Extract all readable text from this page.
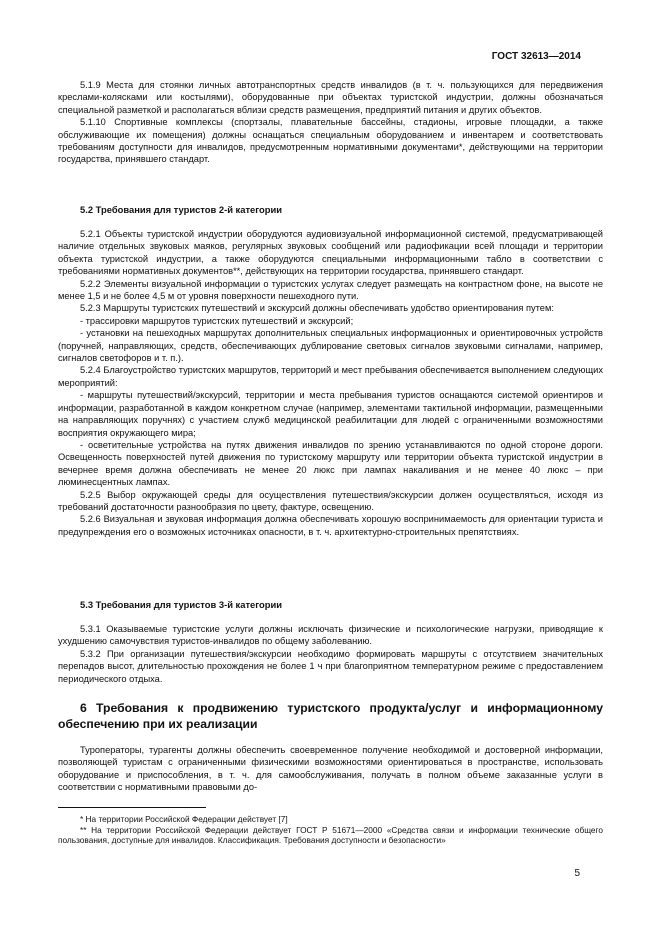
ГОСТ 32613—2014

5.1.9 Места для стоянки личных автотранспортных средств инвалидов (в т. ч. пользующихся для передвижения креслами-колясками или костылями), оборудованные при объектах туристской индустрии, должны обозначаться специальной разметкой и располагаться вблизи средств размещения, предприятий питания и других объектов.

5.1.10 Спортивные комплексы (спортзалы, плавательные бассейны, стадионы, игровые площадки, а также обслуживающие их помещения) должны оснащаться специальным оборудованием и инвентарем и соответствовать требованиям доступности для инвалидов, предусмотренным нормативными документами*, действующими на территории государства, принявшего стандарт.

5.2 Требования для туристов 2-й категории

5.2.1 Объекты туристской индустрии оборудуются аудиовизуальной информационной системой, предусматривающей наличие отдельных звуковых маяков, регулярных звуковых сообщений или радиофикации всей площади и территории объекта туристской индустрии, а также оборудуются специальными информационными табло в соответствии с требованиями нормативных документов**, действующих на территории государства, принявшего стандарт.

5.2.2 Элементы визуальной информации о туристских услугах следует размещать на контрастном фоне, на высоте не менее 1,5 и не более 4,5 м от уровня поверхности пешеходного пути.

5.2.3 Маршруты туристских путешествий и экскурсий должны обеспечивать удобство ориентирования путем:

- трассировки маршрутов туристских путешествий и экскурсий;

- установки на пешеходных маршрутах дополнительных специальных информационных и ориентировочных устройств (поручней, направляющих, средств, обеспечивающих дублирование световых сигналов звуковыми сигналами, например, сигналов светофоров и т. п.).

5.2.4 Благоустройство туристских маршрутов, территорий и мест пребывания обеспечивается выполнением следующих мероприятий:

- маршруты путешествий/экскурсий, территории и места пребывания туристов оснащаются системой ориентиров и информации, разработанной в каждом конкретном случае (например, элементами тактильной информации, размещенными на направляющих поручнях) с участием служб медицинской реабилитации для людей с ограниченными возможностями восприятия окружающего мира;

- осветительные устройства на путях движения инвалидов по зрению устанавливаются по одной стороне дороги. Освещенность поверхностей путей движения по туристскому маршруту или территории объекта туристской индустрии в вечернее время должна обеспечивать не менее 20 люкс при лампах накаливания и не менее 40 люкс – при люминесцентных лампах.

5.2.5 Выбор окружающей среды для осуществления путешествия/экскурсии должен осуществляться, исходя из требований достаточности разнообразия по цвету, фактуре, освещению.

5.2.6 Визуальная и звуковая информация должна обеспечивать хорошую воспринимаемость для ориентации туриста и предупреждения его о возможных источниках опасности, в т. ч. архитектурно-строительных препятствиях.

5.3 Требования для туристов 3-й категории

5.3.1 Оказываемые туристские услуги должны исключать физические и психологические нагрузки, приводящие к ухудшению самочувствия туристов-инвалидов по общему заболеванию.

5.3.2 При организации путешествия/экскурсии необходимо формировать маршруты с отсутствием значительных перепадов высот, длительностью прохождения не более 1 ч при благоприятном температурном режиме с предоставлением периодического отдыха.

6 Требования к продвижению туристского продукта/услуг и информационному обеспечению при их реализации

Туроператоры, турагенты должны обеспечить своевременное получение необходимой и достоверной информации, позволяющей туристам с ограниченными физическими возможностями ориентироваться в пространстве, использовать оборудование и приспособления, в т. ч. для самообслуживания, получать в полном объеме заказанные услуги в соответствии с нормативными правовыми до-

* На территории Российской Федерации действует [7]

** На территории Российской Федерации действует ГОСТ Р 51671—2000 «Средства связи и информации технические общего пользования, доступные для инвалидов. Классификация. Требования доступности и безопасности»

5
